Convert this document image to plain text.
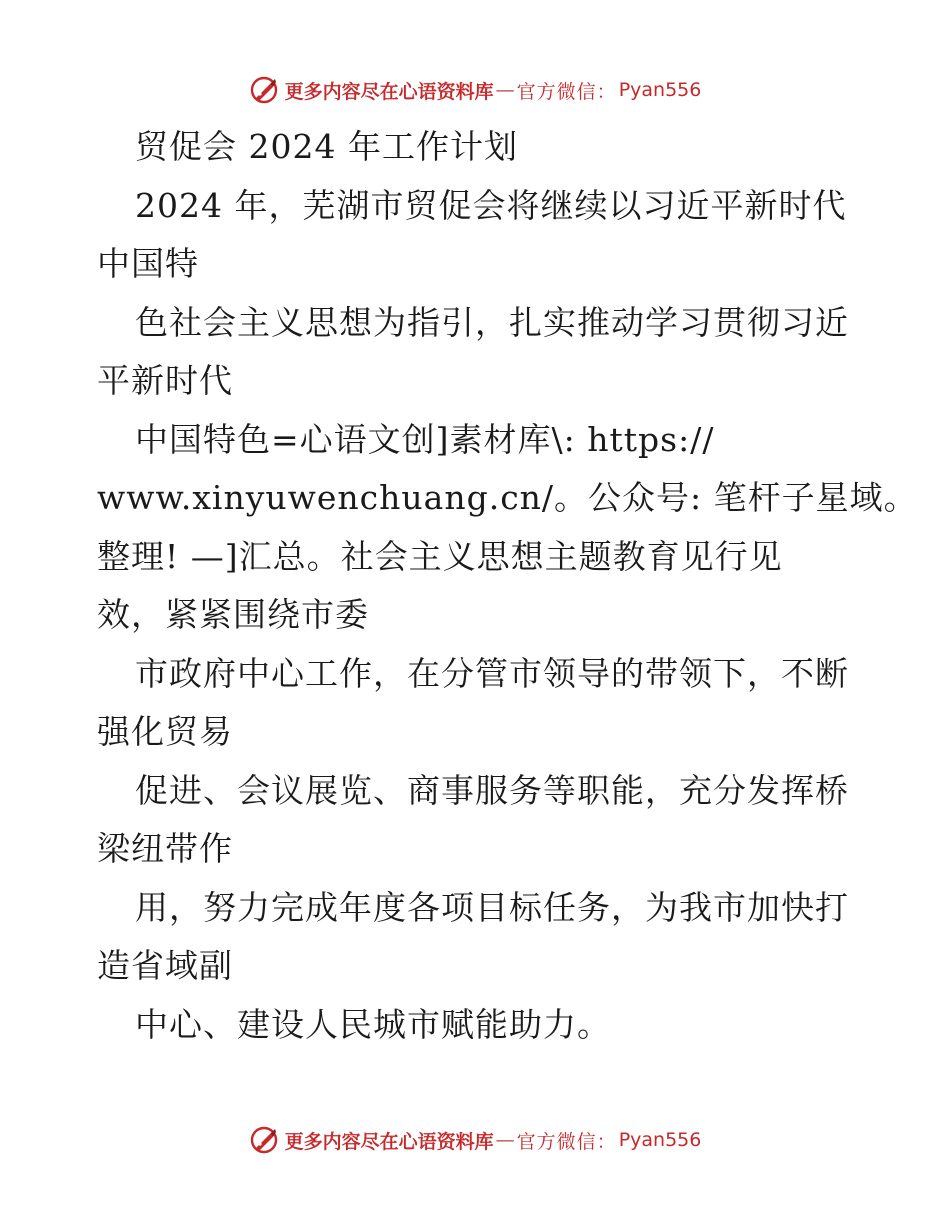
更多内容尽在心语资料库 — 官方微信： Pyan556
贸促会 2024 年工作计划
2024 年，芜湖市贸促会将继续以习近平新时代
中国特
色社会主义思想为指引，扎实推动学习贯彻习近
平新时代
中国特色=心语文创]素材库\: https://
www.xinyuwenchuang.cn/。公众号: 笔杆子星域。
整理! —]汇总。社会主义思想主题教育见行见
效，紧紧围绕市委
市政府中心工作，在分管市领导的带领下，不断
强化贸易
促进、会议展览、商事服务等职能，充分发挥桥
梁纽带作
用，努力完成年度各项目标任务，为我市加快打
造省域副
中心、建设人民城市赋能助力。
更多内容尽在心语资料库 — 官方微信： Pyan556
